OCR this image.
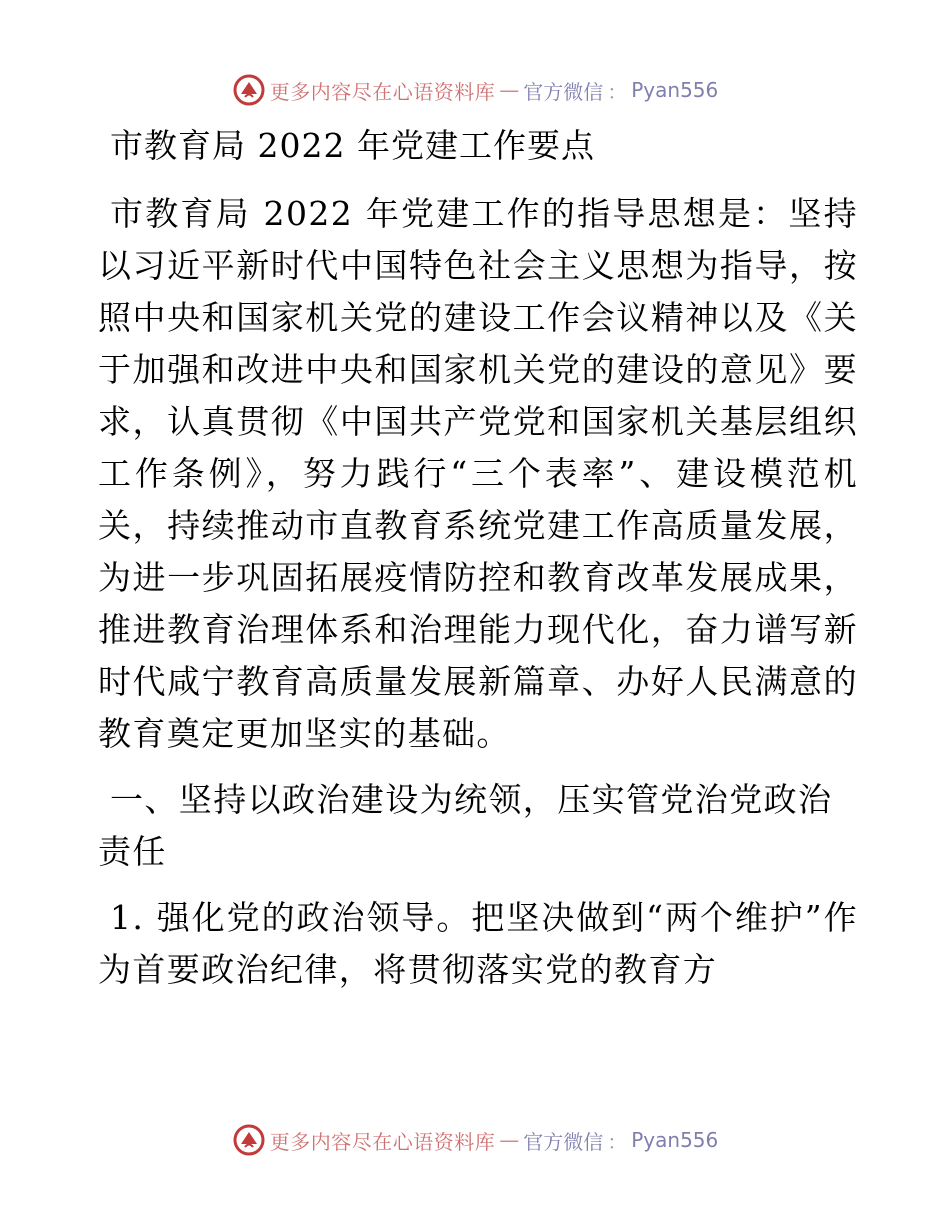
更多内容尽在心语资料库 — 官方微信 ： Pyan556
市教育局 2022 年党建工作要点

市教育局 2022 年党建工作的指导思想是：坚持以习近平新时代中国特色社会主义思想为指导，按照中央和国家机关党的建设工作会议精神以及《关于加强和改进中央和国家机关党的建设的意见》要求，认真贯彻《中国共产党党和国家机关基层组织工作条例》，努力践行“三个表率”、建设模范机关，持续推动市直教育系统党建工作高质量发展，为进一步巩固拓展疫情防控和教育改革发展成果，推进教育治理体系和治理能力现代化，奋力谱写新时代咸宁教育高质量发展新篇章、办好人民满意的教育奠定更加坚实的基础。

一、坚持以政治建设为统领，压实管党治党政治责任

1. 强化党的政治领导。把坚决做到“两个维护”作为首要政治纪律，将贯彻落实党的教育方

更多内容尽在心语资料库 — 官方微信 ： Pyan556
